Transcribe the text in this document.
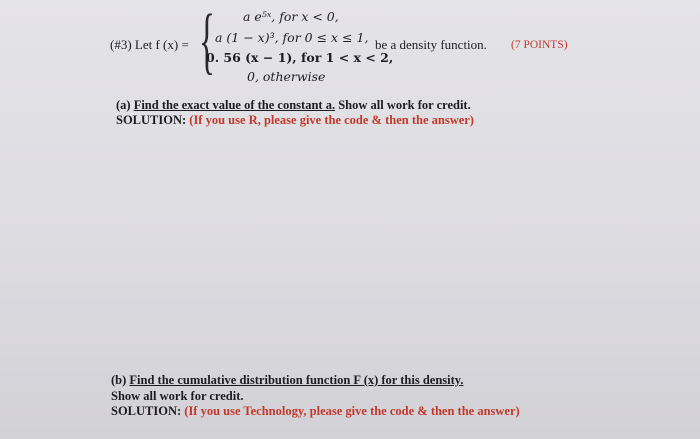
(#3) Let f (x) = { a e⁵ˣ, for x < 0,
a (1 − x)³, for 0 ≤ x ≤ 1,
0. 56 (x − 1), for 1 < x < 2,
0, otherwise
be a density function. (7 POINTS)
(a) Find the exact value of the constant a. Show all work for credit.
SOLUTION: (If you use R, please give the code & then the answer)
(b) Find the cumulative distribution function F (x) for this density.
Show all work for credit.
SOLUTION: (If you use Technology, please give the code & then the answer)
